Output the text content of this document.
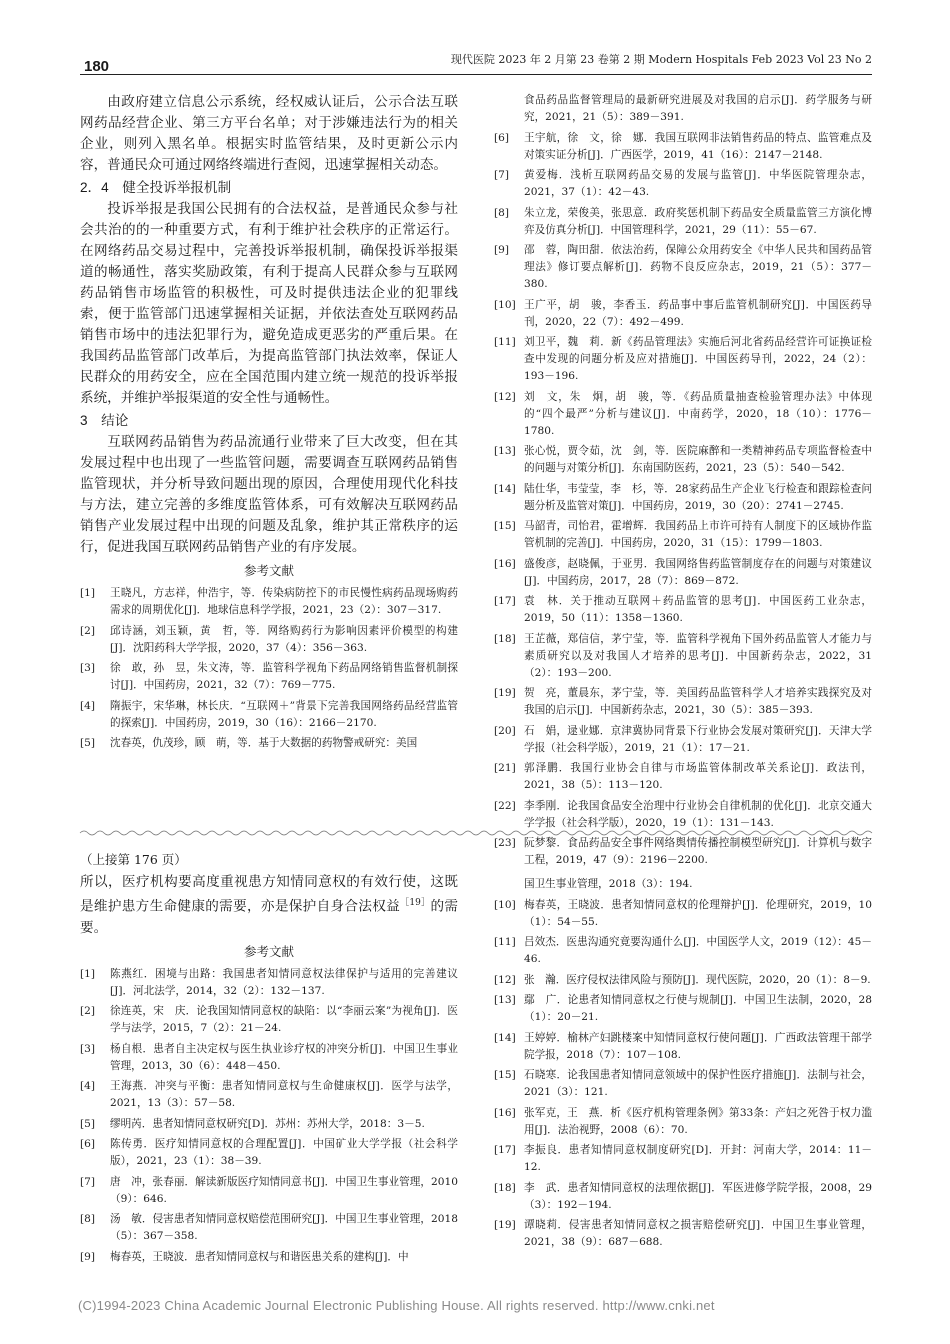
180	现代医院 2023 年 2 月第 23 卷第 2 期 Modern Hospitals Feb 2023 Vol 23 No 2

由政府建立信息公示系统，经权威认证后，公示合法互联网药品经营企业、第三方平台名单；对于涉嫌违法行为的相关企业，则列入黑名单。根据实时监管结果，及时更新公示内容，普通民众可通过网络终端进行查阅，迅速掌握相关动态。

2．4　健全投诉举报机制

投诉举报是我国公民拥有的合法权益，是普通民众参与社会共治的的一种重要方式，有利于维护社会秩序的正常运行。在网络药品交易过程中，完善投诉举报机制，确保投诉举报渠道的畅通性，落实奖励政策，有利于提高人民群众参与互联网药品销售市场监管的积极性，可及时提供违法企业的犯罪线索，便于监管部门迅速掌握相关证据，并依法查处互联网药品销售市场中的违法犯罪行为，避免造成更恶劣的严重后果。在我国药品监管部门改革后，为提高监管部门执法效率，保证人民群众的用药安全，应在全国范围内建立统一规范的投诉举报系统，并维护举报渠道的安全性与通畅性。

3　结论

互联网药品销售为药品流通行业带来了巨大改变，但在其发展过程中也出现了一些监管问题，需要调查互联网药品销售监管现状，并分析导致问题出现的原因，合理使用现代化科技与方法，建立完善的多维度监管体系，可有效解决互联网药品销售产业发展过程中出现的问题及乱象，维护其正常秩序的运行，促进我国互联网药品销售产业的有序发展。

参考文献
[1]	王晓凡，方志祥，仲浩宇，等．传染病防控下的市民慢性病药品现场购药需求的周期优化[J]．地球信息科学学报，2021，23（2）：307－317.
[2]	邱诗涵，刘玉颖，黄　哲，等．网络购药行为影响因素评价模型的构建[J]．沈阳药科大学学报，2020，37（4）：356－363.
[3]	徐　敢，孙　昱，朱文涛，等．监管科学视角下药品网络销售监督机制探讨[J]．中国药房，2021，32（7）：769－775.
[4]	隋振宇，宋华琳，林长庆．“互联网＋”背景下完善我国网络药品经营监管的探索[J]．中国药房，2019，30（16）：2166－2170.
[5]	沈春英，仇茂珍，顾　萌，等．基于大数据的药物警戒研究：美国
食品药品监督管理局的最新研究进展及对我国的启示[J]．药学服务与研究，2021，21（5）：389－391.
[6]	王宇航，徐　文，徐　娜．我国互联网非法销售药品的特点、监管难点及对策实证分析[J]．广西医学，2019，41（16）：2147－2148.
[7]	黄爱梅．浅析互联网药品交易的发展与监管[J]．中华医院管理杂志，2021，37（1）：42－43.
[8]	朱立龙，荣俊美，张思意．政府奖惩机制下药品安全质量监管三方演化博弈及仿真分析[J]．中国管理科学，2021，29（11）：55－67.
[9]	邵　蓉，陶田甜．依法治药，保障公众用药安全《中华人民共和国药品管理法》修订要点解析[J]．药物不良反应杂志，2019，21（5）：377－380.
[10] 王广平，胡　骏，李香玉．药品事中事后监管机制研究[J]．中国医药导刊，2020，22（7）：492－499.
[11] 刘卫平，魏　莉．新《药品管理法》实施后河北省药品经营许可证换证检查中发现的问题分析及应对措施[J]．中国医药导刊，2022，24（2）：193－196.
[12] 刘　文，朱　炯，胡　骏，等．《药品质量抽查检验管理办法》中体现的“四个最严”分析与建议[J]．中南药学，2020，18（10）：1776－1780.
[13] 张心悦，贾令茹，沈　剑，等．医院麻醉和一类精神药品专项监督检查中的问题与对策分析[J]．东南国防医药，2021，23（5）：540－542.
[14] 陆仕华，韦莹莹，李　杉，等．28家药品生产企业飞行检查和跟踪检查问题分析及监管对策[J]．中国药房，2019，30（20）：2741－2745.
[15] 马韶青，司怡君，霍增辉．我国药品上市许可持有人制度下的区域协作监管机制的完善[J]．中国药房，2020，31（15）：1799－1803.
[16] 盛俊彦，赵晓佩，于亚男．我国网络售药监管制度存在的问题与对策建议[J]．中国药房，2017，28（7）：869－872.
[17] 袁　林．关于推动互联网＋药品监管的思考[J]．中国医药工业杂志，2019，50（11）：1358－1360.
[18] 王芷薇，郑信信，茅宁莹，等．监管科学视角下国外药品监管人才能力与素质研究以及对我国人才培养的思考[J]．中国新药杂志，2022，31（2）：193－200.
[19] 贺　亮，董晨东，茅宁莹，等．美国药品监管科学人才培养实践探究及对我国的启示[J]．中国新药杂志，2021，30（5）：385－393.
[20] 石　娟，逯业娜．京津冀协同背景下行业协会发展对策研究[J]．天津大学学报（社会科学版），2019，21（1）：17－21.
[21] 郭泽鹏．我国行业协会自律与市场监管体制改革关系论[J]．政法刊，2021，38（5）：113－120.
[22] 李季刚．论我国食品安全治理中行业协会自律机制的优化[J]．北京交通大学学报（社会科学版），2020，19（1）：131－143.
[23] 阮梦黎．食品药品安全事件网络舆情传播控制模型研究[J]．计算机与数字工程，2019，47（9）：2196－2200.
（上接第 176 页）

所以，医疗机构要高度重视患方知情同意权的有效行使，这既是维护患方生命健康的需要，亦是保护自身合法权益$^{[19]}$的需要。

参考文献
[1]	陈燕红．困境与出路：我国患者知情同意权法律保护与适用的完善建议[J]．河北法学，2014，32（2）：132－137.
[2]	徐连英，宋　庆．论我国知情同意权的缺陷：以“李丽云案”为视角[J]．医学与法学，2015，7（2）：21－24.
[3]	杨自根．患者自主决定权与医生执业诊疗权的冲突分析[J]．中国卫生事业管理，2013，30（6）：448－450.
[4]	王海燕．冲突与平衡：患者知情同意权与生命健康权[J]．医学与法学，2021，13（3）：57－58.
[5]	缪明芮．患者知情同意权研究[D]．苏州：苏州大学，2018：3－5.
[6]	陈传勇．医疗知情同意权的合理配置[J]．中国矿业大学学报（社会科学版），2021，23（1）：38－39.
[7]	唐　冲，张春丽．解读新版医疗知情同意书[J]．中国卫生事业管理，2010（9）：646.
[8]	汤　敏．侵害患者知情同意权赔偿范围研究[J]．中国卫生事业管理，2018（5）：367－358.
[9]	梅春英，王晓波．患者知情同意权与和谐医患关系的建构[J]．中
国卫生事业管理，2018（3）：194.
[10] 梅春英，王晓波．患者知情同意权的伦理辩护[J]．伦理研究，2019，10（1）：54－55.
[11] 吕效杰．医患沟通究竟要沟通什么[J]．中国医学人文，2019（12）：45－46.
[12] 张　瀚．医疗侵权法律风险与预防[J]．现代医院，2020，20（1）：8－9.
[13] 鄢　广．论患者知情同意权之行使与规制[J]．中国卫生法制，2020，28（1）：20－21.
[14] 王婷婷．榆林产妇跳楼案中知情同意权行使问题[J]．广西政法管理干部学院学报，2018（7）：107－108.
[15] 石晓寒．论我国患者知情同意领域中的保护性医疗措施[J]．法制与社会，2021（3）：121.
[16] 张军克，王　燕．析《医疗机构管理条例》第33条：产妇之死咎于权力滥用[J]．法治视野，2008（6）：70.
[17] 李振良．患者知情同意权制度研究[D]．开封：河南大学，2014：11－12.
[18] 李　武．患者知情同意权的法理依据[J]．军医进修学院学报，2008，29（3）：192－194.
[19] 谭晓莉．侵害患者知情同意权之损害赔偿研究[J]．中国卫生事业管理，2021，38（9）：687－688.
(C)1994-2023 China Academic Journal Electronic Publishing House. All rights reserved. http://www.cnki.net
